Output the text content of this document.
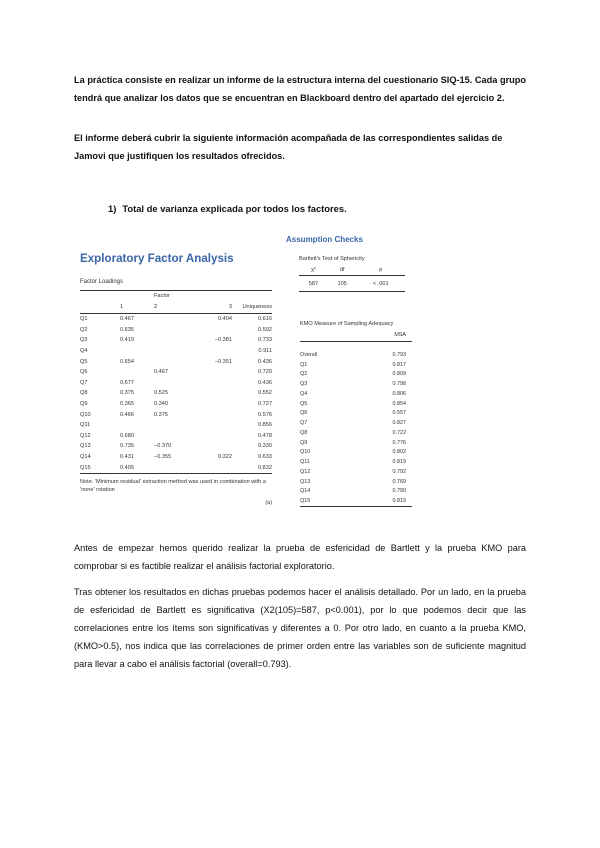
La práctica consiste en realizar un informe de la estructura interna del cuestionario SIQ-15. Cada grupo tendrá que analizar los datos que se encuentran en Blackboard dentro del apartado del ejercicio 2.

El informe deberá cubrir la siguiente información acompañada de las correspondientes salidas de Jamovi que justifiquen los resultados ofrecidos.

1) Total de varianza explicada por todos los factores.

Exploratory Factor Analysis

Factor Loadings

		Factor		
	1	2	3	Uniqueness
Q1	0.467		0.404	0.616
Q2	0.635			0.592
Q3	0.419		−0.381	0.733
Q4				0.911
Q5	0.654		−0.351	0.436
Q6		0.467		0.720
Q7	0.677			0.436
Q8	0.375	0.525		0.552
Q9	0.365	0.340		0.727
Q10	0.466	0.375		0.576
Q11				0.856
Q12	0.680			0.478
Q13	0.735	−0.370		0.330
Q14	0.431	−0.355	0.322	0.633
Q15	0.405			0.832

Note. 'Minimum residual' extraction method was used in combination with a 'none' rotation

(a)

Assumption Checks

Bartlett's Test of Sphericity

χ²	df	p
587	105	< .001

KMO Measure of Sampling Adequacy

	MSA
Overall	0.793
Q1	0.817
Q2	0.809
Q3	0.798
Q4	0.806
Q5	0.854
Q6	0.557
Q7	0.827
Q8	0.722
Q9	0.776
Q10	0.802
Q11	0.819
Q12	0.792
Q13	0.769
Q14	0.790
Q15	0.819

Antes de empezar hemos querido realizar la prueba de esfericidad de Bartlett y la prueba KMO para comprobar si es factible realizar el análisis factorial exploratorio.

Tras obtener los resultados en dichas pruebas podemos hacer el análisis detallado. Por un lado, en la prueba de esfericidad de Bartlett es significativa (X2(105)=587, p<0.001), por lo que podemos decir que las correlaciones entre los ítems son significativas y diferentes a 0. Por otro lado, en cuanto a la prueba KMO, (KMO>0.5), nos indica que las correlaciones de primer orden entre las variables son de suficiente magnitud para llevar a cabo el análisis factorial (overall=0.793).
